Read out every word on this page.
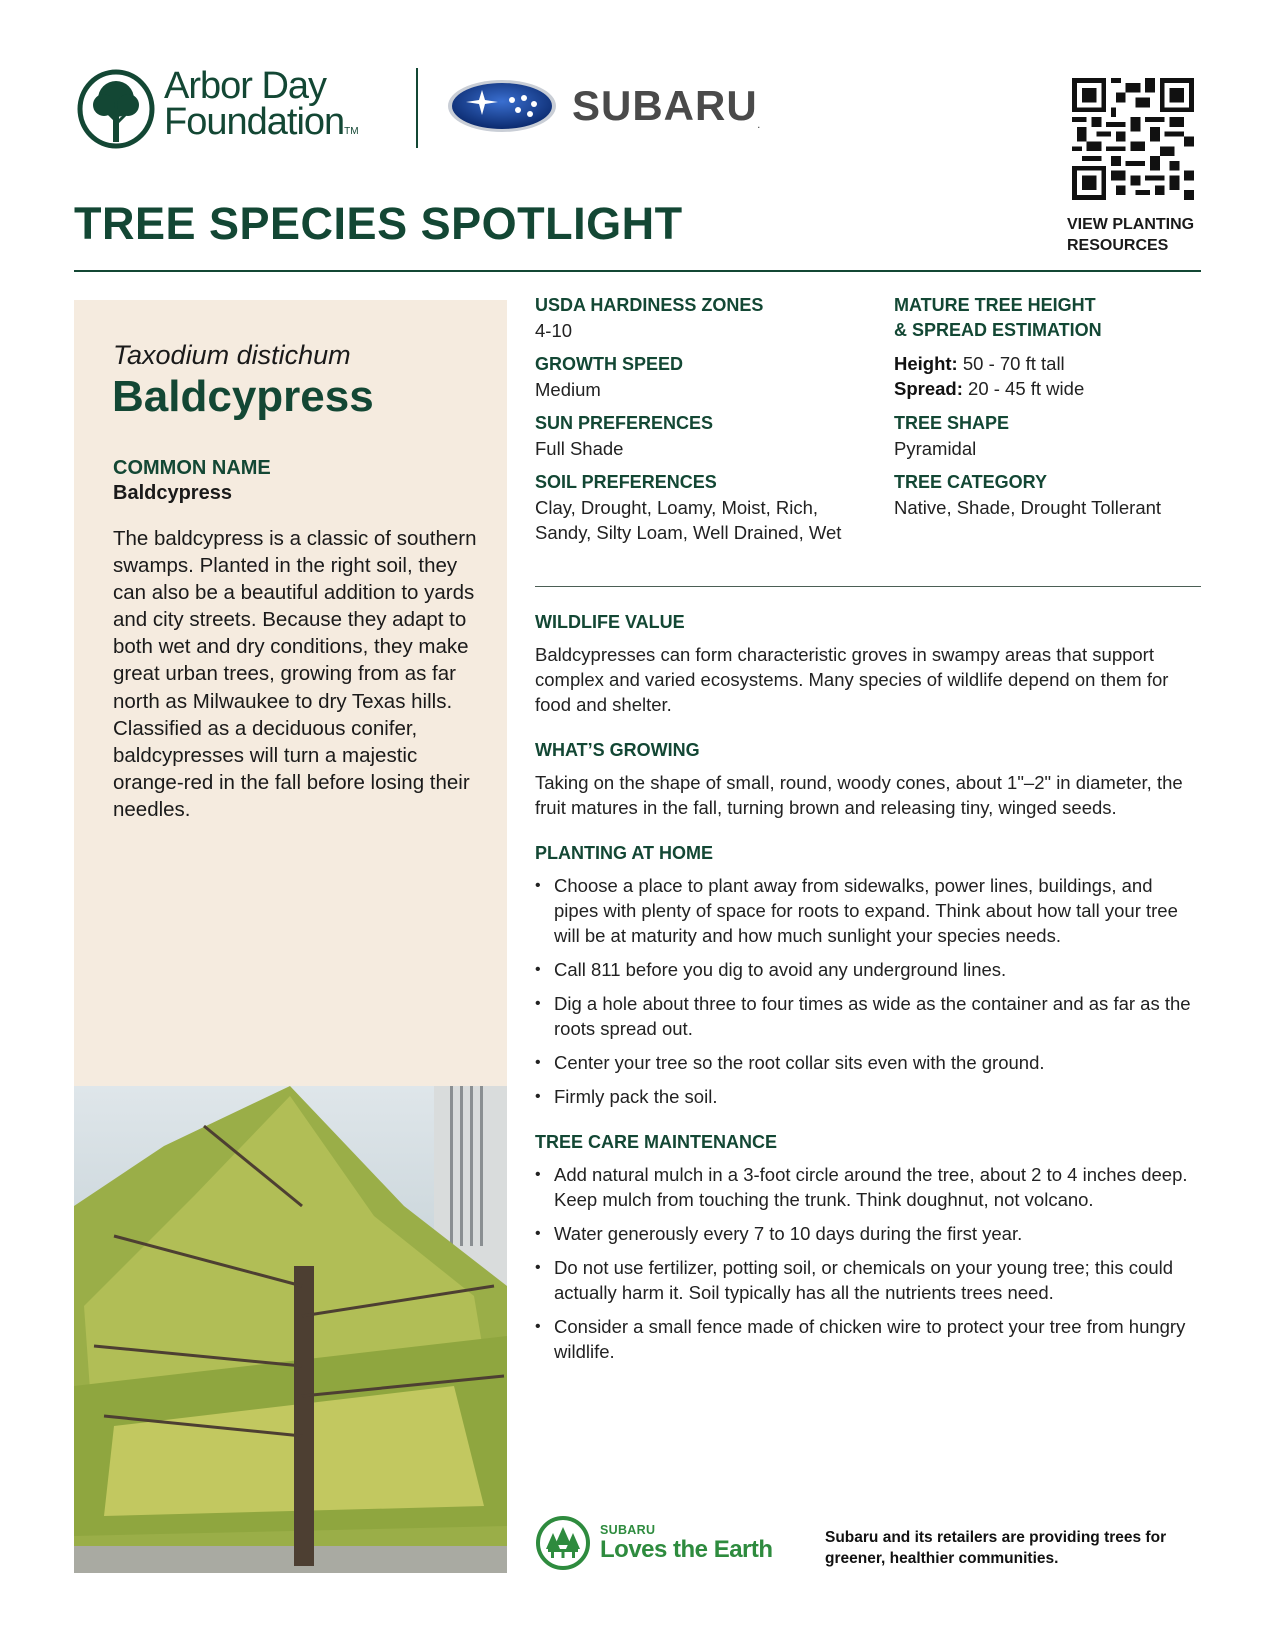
Arbor Day
FoundationTM
SUBARU.
VIEW PLANTING
RESOURCES
TREE SPECIES SPOTLIGHT
Taxodium distichum
Baldcypress
COMMON NAME
Baldcypress
The baldcypress is a classic of southern swamps. Planted in the right soil, they can also be a beautiful addition to yards and city streets. Because they adapt to both wet and dry conditions, they make great urban trees, growing from as far north as Milwaukee to dry Texas hills. Classified as a deciduous conifer, baldcypresses will turn a majestic orange-red in the fall before losing their needles.
USDA HARDINESS ZONES
4-10
GROWTH SPEED
Medium
SUN PREFERENCES
Full Shade
SOIL PREFERENCES
Clay, Drought, Loamy, Moist, Rich, Sandy, Silty Loam, Well Drained, Wet
MATURE TREE HEIGHT
& SPREAD ESTIMATION
Height: 50 - 70 ft tall
Spread: 20 - 45 ft wide
TREE SHAPE
Pyramidal
TREE CATEGORY
Native, Shade, Drought Tollerant
WILDLIFE VALUE
Baldcypresses can form characteristic groves in swampy areas that support complex and varied ecosystems. Many species of wildlife depend on them for food and shelter.
WHAT’S GROWING
Taking on the shape of small, round, woody cones, about 1"–2" in diameter, the fruit matures in the fall, turning brown and releasing tiny, winged seeds.
PLANTING AT HOME
• Choose a place to plant away from sidewalks, power lines, buildings, and pipes with plenty of space for roots to expand. Think about how tall your tree will be at maturity and how much sunlight your species needs.
• Call 811 before you dig to avoid any underground lines.
• Dig a hole about three to four times as wide as the container and as far as the roots spread out.
• Center your tree so the root collar sits even with the ground.
• Firmly pack the soil.
TREE CARE MAINTENANCE
• Add natural mulch in a 3-foot circle around the tree, about 2 to 4 inches deep. Keep mulch from touching the trunk. Think doughnut, not volcano.
• Water generously every 7 to 10 days during the first year.
• Do not use fertilizer, potting soil, or chemicals on your young tree; this could actually harm it. Soil typically has all the nutrients trees need.
• Consider a small fence made of chicken wire to protect your tree from hungry wildlife.
SUBARU
Loves the Earth	Subaru and its retailers are providing trees for greener, healthier communities.
